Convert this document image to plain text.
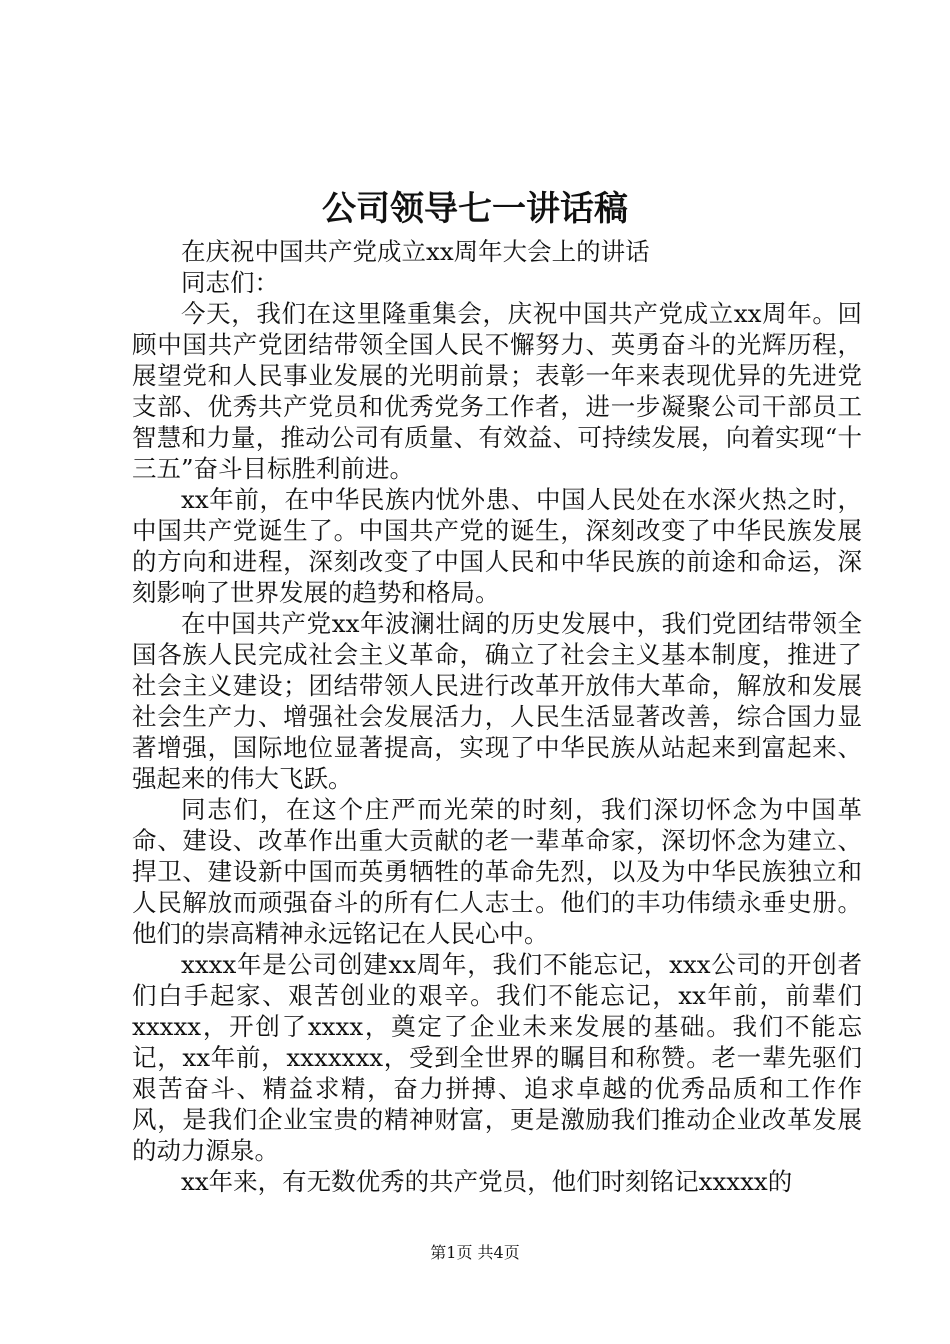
公司领导七一讲话稿

在庆祝中国共产党成立xx周年大会上的讲话

同志们：

今天，我们在这里隆重集会，庆祝中国共产党成立xx周年。回顾中国共产党团结带领全国人民不懈努力、英勇奋斗的光辉历程，展望党和人民事业发展的光明前景；表彰一年来表现优异的先进党支部、优秀共产党员和优秀党务工作者，进一步凝聚公司干部员工智慧和力量，推动公司有质量、有效益、可持续发展，向着实现“十三五”奋斗目标胜利前进。

xx年前，在中华民族内忧外患、中国人民处在水深火热之时，中国共产党诞生了。中国共产党的诞生，深刻改变了中华民族发展的方向和进程，深刻改变了中国人民和中华民族的前途和命运，深刻影响了世界发展的趋势和格局。

在中国共产党xx年波澜壮阔的历史发展中，我们党团结带领全国各族人民完成社会主义革命，确立了社会主义基本制度，推进了社会主义建设；团结带领人民进行改革开放伟大革命，解放和发展社会生产力、增强社会发展活力，人民生活显著改善，综合国力显著增强，国际地位显著提高，实现了中华民族从站起来到富起来、强起来的伟大飞跃。

同志们，在这个庄严而光荣的时刻，我们深切怀念为中国革命、建设、改革作出重大贡献的老一辈革命家，深切怀念为建立、捍卫、建设新中国而英勇牺牲的革命先烈，以及为中华民族独立和人民解放而顽强奋斗的所有仁人志士。他们的丰功伟绩永垂史册。他们的崇高精神永远铭记在人民心中。

xxxx年是公司创建xx周年，我们不能忘记，xxx公司的开创者们白手起家、艰苦创业的艰辛。我们不能忘记，xx年前，前辈们xxxxx，开创了xxxx，奠定了企业未来发展的基础。我们不能忘记，xx年前，xxxxxxx，受到全世界的瞩目和称赞。老一辈先驱们艰苦奋斗、精益求精，奋力拼搏、追求卓越的优秀品质和工作作风，是我们企业宝贵的精神财富，更是激励我们推动企业改革发展的动力源泉。

xx年来，有无数优秀的共产党员，他们时刻铭记xxxxx的

第1页 共4页
